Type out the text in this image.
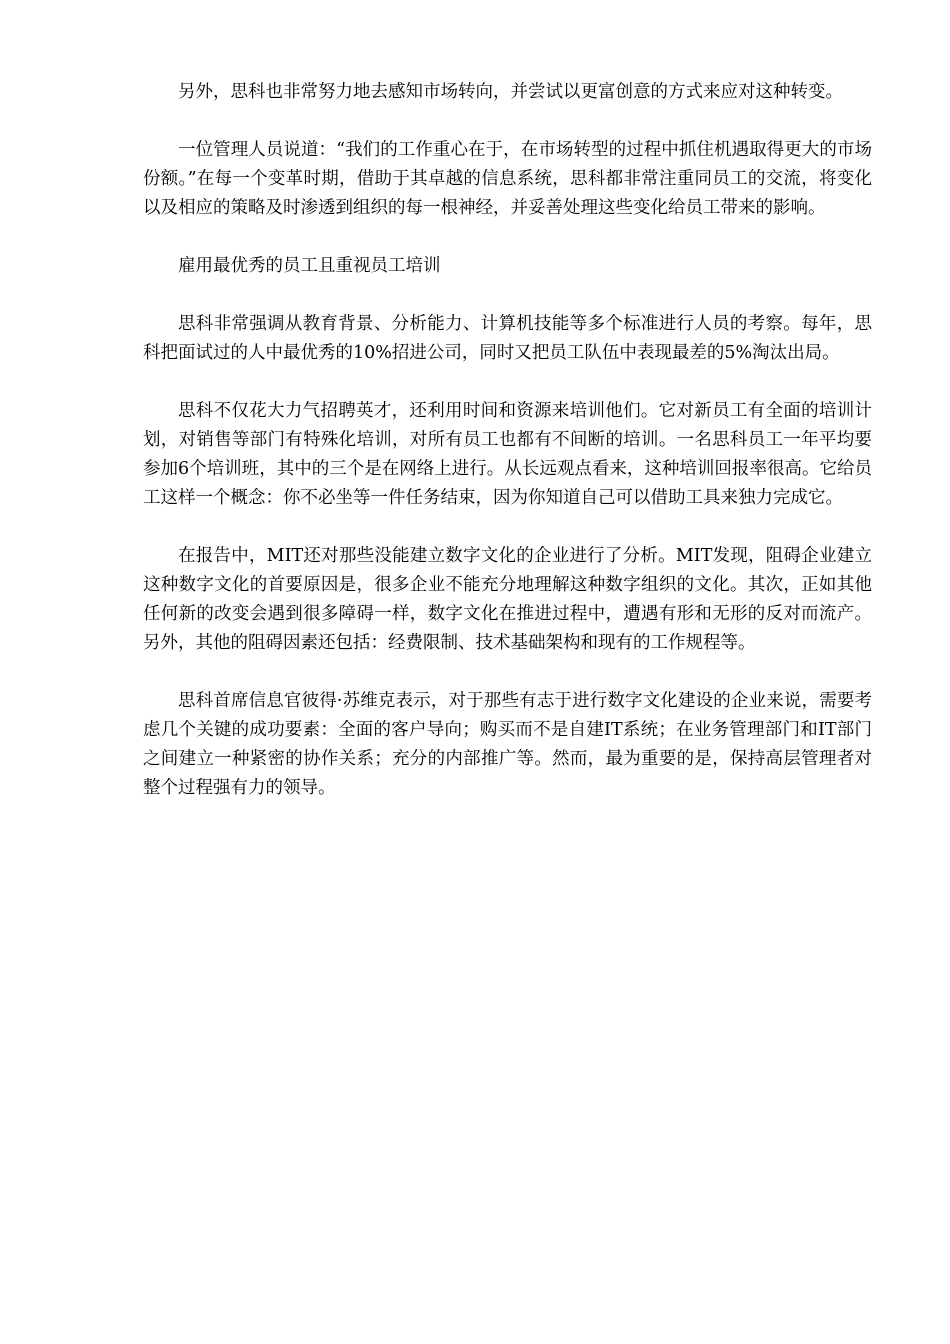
另外，思科也非常努力地去感知市场转向，并尝试以更富创意的方式来应对这种转变。

一位管理人员说道：“我们的工作重心在于，在市场转型的过程中抓住机遇取得更大的市场份额。”在每一个变革时期，借助于其卓越的信息系统，思科都非常注重同员工的交流，将变化以及相应的策略及时渗透到组织的每一根神经，并妥善处理这些变化给员工带来的影响。

雇用最优秀的员工且重视员工培训

思科非常强调从教育背景、分析能力、计算机技能等多个标准进行人员的考察。每年，思科把面试过的人中最优秀的10%招进公司，同时又把员工队伍中表现最差的5%淘汰出局。

思科不仅花大力气招聘英才，还利用时间和资源来培训他们。它对新员工有全面的培训计划，对销售等部门有特殊化培训，对所有员工也都有不间断的培训。一名思科员工一年平均要参加6个培训班，其中的三个是在网络上进行。从长远观点看来，这种培训回报率很高。它给员工这样一个概念：你不必坐等一件任务结束，因为你知道自己可以借助工具来独力完成它。

在报告中，MIT还对那些没能建立数字文化的企业进行了分析。MIT发现，阻碍企业建立这种数字文化的首要原因是，很多企业不能充分地理解这种数字组织的文化。其次，正如其他任何新的改变会遇到很多障碍一样，数字文化在推进过程中，遭遇有形和无形的反对而流产。另外，其他的阻碍因素还包括：经费限制、技术基础架构和现有的工作规程等。

思科首席信息官彼得·苏维克表示，对于那些有志于进行数字文化建设的企业来说，需要考虑几个关键的成功要素：全面的客户导向；购买而不是自建IT系统；在业务管理部门和IT部门之间建立一种紧密的协作关系；充分的内部推广等。然而，最为重要的是，保持高层管理者对整个过程强有力的领导。
